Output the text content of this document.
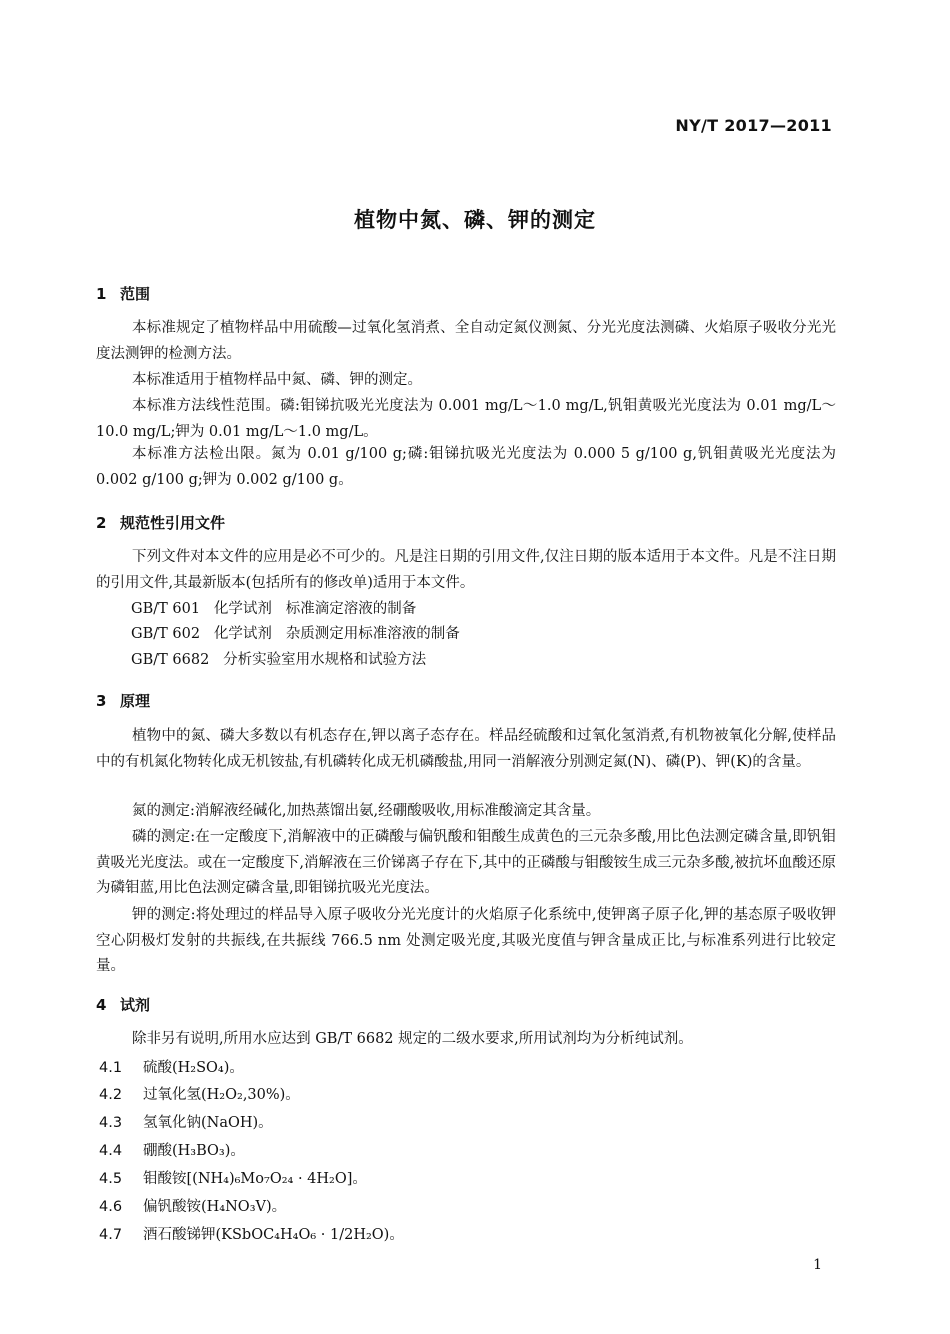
NY/T 2017—2011
植物中氮、磷、钾的测定
1 范围

本标准规定了植物样品中用硫酸—过氧化氢消煮、全自动定氮仪测氮、分光光度法测磷、火焰原子吸收分光光度法测钾的检测方法。

本标准适用于植物样品中氮、磷、钾的测定。

本标准方法线性范围。磷:钼锑抗吸光光度法为 0.001 mg/L～1.0 mg/L,钒钼黄吸光光度法为 0.01 mg/L～10.0 mg/L;钾为 0.01 mg/L～1.0 mg/L。

本标准方法检出限。氮为 0.01 g/100 g;磷:钼锑抗吸光光度法为 0.000 5 g/100 g,钒钼黄吸光光度法为 0.002 g/100 g;钾为 0.002 g/100 g。

2 规范性引用文件

下列文件对本文件的应用是必不可少的。凡是注日期的引用文件,仅注日期的版本适用于本文件。凡是不注日期的引用文件,其最新版本(包括所有的修改单)适用于本文件。

GB/T 601   化学试剂   标准滴定溶液的制备
GB/T 602   化学试剂   杂质测定用标准溶液的制备
GB/T 6682   分析实验室用水规格和试验方法
3 原理

植物中的氮、磷大多数以有机态存在,钾以离子态存在。样品经硫酸和过氧化氢消煮,有机物被氧化分解,使样品中的有机氮化物转化成无机铵盐,有机磷转化成无机磷酸盐,用同一消解液分别测定氮(N)、磷(P)、钾(K)的含量。

氮的测定:消解液经碱化,加热蒸馏出氨,经硼酸吸收,用标准酸滴定其含量。

磷的测定:在一定酸度下,消解液中的正磷酸与偏钒酸和钼酸生成黄色的三元杂多酸,用比色法测定磷含量,即钒钼黄吸光光度法。或在一定酸度下,消解液在三价锑离子存在下,其中的正磷酸与钼酸铵生成三元杂多酸,被抗坏血酸还原为磷钼蓝,用比色法测定磷含量,即钼锑抗吸光光度法。

钾的测定:将处理过的样品导入原子吸收分光光度计的火焰原子化系统中,使钾离子原子化,钾的基态原子吸收钾空心阴极灯发射的共振线,在共振线 766.5 nm 处测定吸光度,其吸光度值与钾含量成正比,与标准系列进行比较定量。

4 试剂

除非另有说明,所用水应达到 GB/T 6682 规定的二级水要求,所用试剂均为分析纯试剂。

4.1 硫酸(H₂SO₄)。
4.2 过氧化氢(H₂O₂,30%)。
4.3 氢氧化钠(NaOH)。
4.4 硼酸(H₃BO₃)。
4.5 钼酸铵[(NH₄)₆Mo₇O₂₄ · 4H₂O]。
4.6 偏钒酸铵(H₄NO₃V)。
4.7 酒石酸锑钾(KSbOC₄H₄O₆ · 1/2H₂O)。
1
